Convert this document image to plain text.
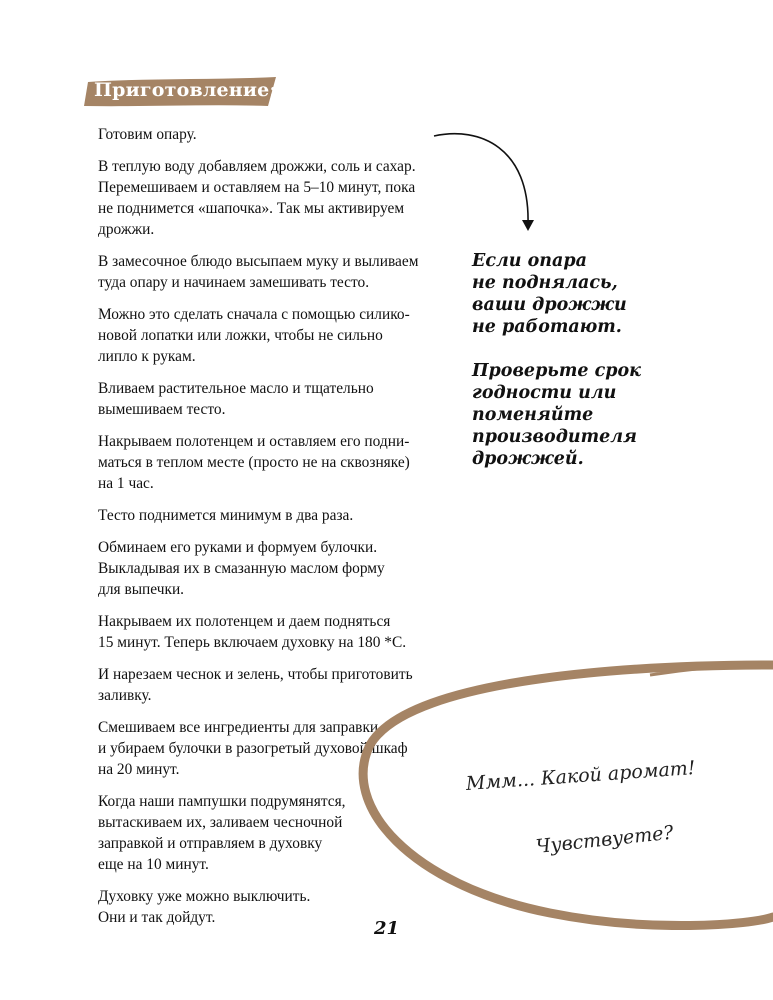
Приготовление:
Готовим опару.
В теплую воду добавляем дрожжи, соль и сахар.
Перемешиваем и оставляем на 5–10 минут, пока
не поднимется «шапочка». Так мы активируем
дрожжи.
В замесочное блюдо высыпаем муку и выливаем
туда опару и начинаем замешивать тесто.
Можно это сделать сначала с помощью силико-
новой лопатки или ложки, чтобы не сильно
липло к рукам.
Вливаем растительное масло и тщательно
вымешиваем тесто.
Накрываем полотенцем и оставляем его подни-
маться в теплом месте (просто не на сквозняке)
на 1 час.
Тесто поднимется минимум в два раза.
Обминаем его руками и формуем булочки.
Выкладывая их в смазанную маслом форму
для выпечки.
Накрываем их полотенцем и даем подняться
15 минут. Теперь включаем духовку на 180 *С.
И нарезаем чеснок и зелень, чтобы приготовить
заливку.
Смешиваем все ингредиенты для заправки
и убираем булочки в разогретый духовой шкаф
на 20 минут.
Когда наши пампушки подрумянятся,
вытаскиваем их, заливаем чесночной
заправкой и отправляем в духовку
еще на 10 минут.
Духовку уже можно выключить.
Они и так дойдут.

Если опара
не поднялась,
ваши дрожжи
не работают.

Проверьте срок
годности или
поменяйте
производителя
дрожжей.

Ммм... Какой аромат!
Чувствуете?
21
